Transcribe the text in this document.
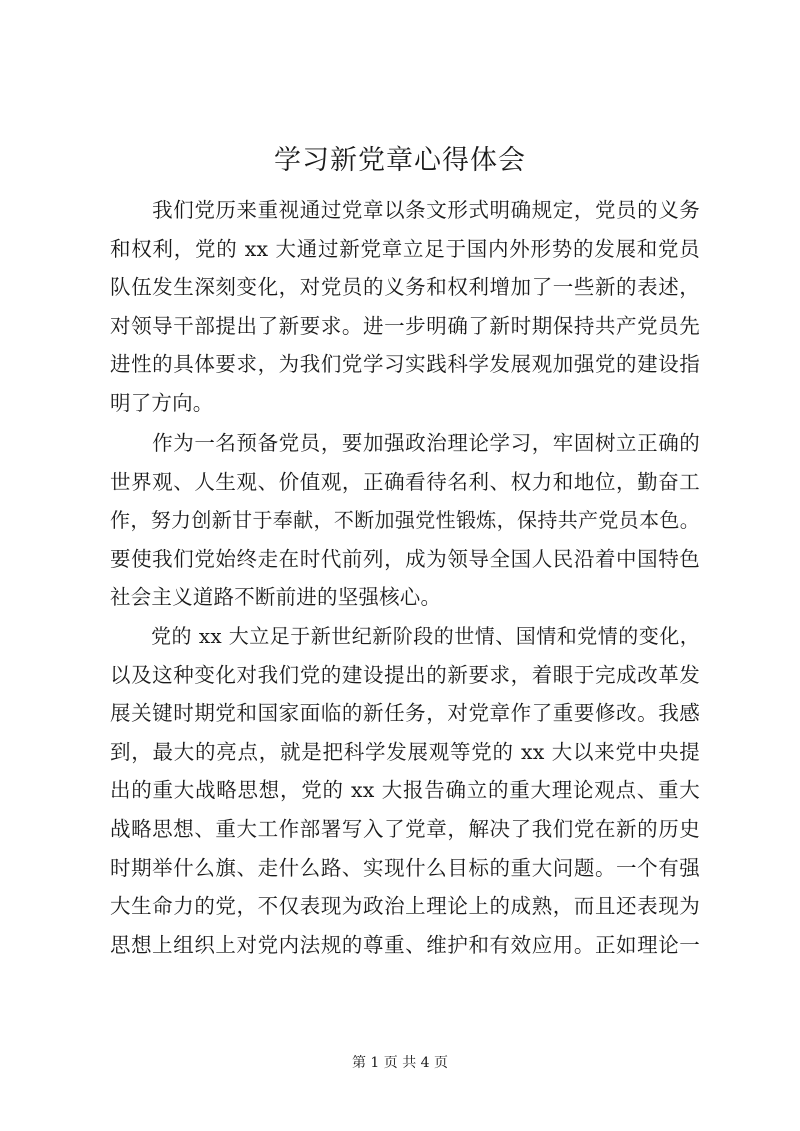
学习新党章心得体会
　　我们党历来重视通过党章以条文形式明确规定，党员的义务
和权利，党的 xx 大通过新党章立足于国内外形势的发展和党员
队伍发生深刻变化，对党员的义务和权利增加了一些新的表述，
对领导干部提出了新要求。进一步明确了新时期保持共产党员先
进性的具体要求，为我们党学习实践科学发展观加强党的建设指
明了方向。
　　作为一名预备党员，要加强政治理论学习，牢固树立正确的
世界观、人生观、价值观，正确看待名利、权力和地位，勤奋工
作，努力创新甘于奉献，不断加强党性锻炼，保持共产党员本色。
要使我们党始终走在时代前列，成为领导全国人民沿着中国特色
社会主义道路不断前进的坚强核心。
　　党的 xx 大立足于新世纪新阶段的世情、国情和党情的变化，
以及这种变化对我们党的建设提出的新要求，着眼于完成改革发
展关键时期党和国家面临的新任务，对党章作了重要修改。我感
到，最大的亮点，就是把科学发展观等党的 xx 大以来党中央提
出的重大战略思想，党的 xx 大报告确立的重大理论观点、重大
战略思想、重大工作部署写入了党章，解决了我们党在新的历史
时期举什么旗、走什么路、实现什么目标的重大问题。一个有强
大生命力的党，不仅表现为政治上理论上的成熟，而且还表现为
思想上组织上对党内法规的尊重、维护和有效应用。正如理论一

第 1 页 共 4 页
